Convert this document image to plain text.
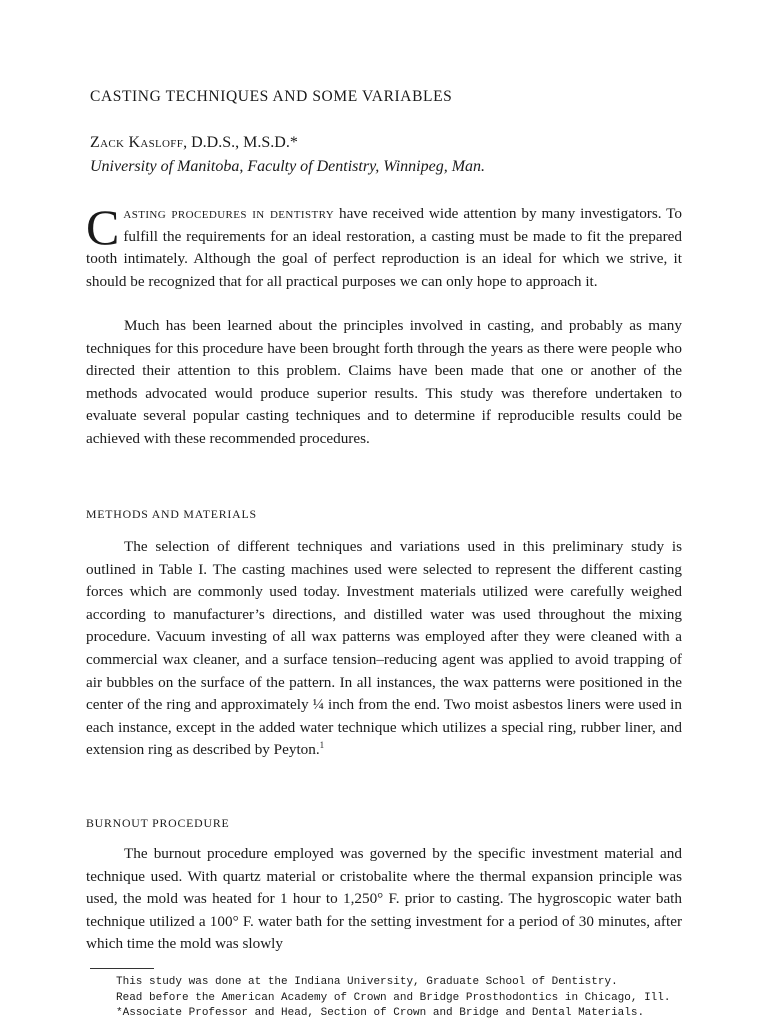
CASTING TECHNIQUES AND SOME VARIABLES
Zack Kasloff, D.D.S., M.S.D.*
University of Manitoba, Faculty of Dentistry, Winnipeg, Man.

Casting procedures in dentistry have received wide attention by many investigators. To fulfill the requirements for an ideal restoration, a casting must be made to fit the prepared tooth intimately. Although the goal of perfect reproduction is an ideal for which we strive, it should be recognized that for all practical purposes we can only hope to approach it.

Much has been learned about the principles involved in casting, and probably as many techniques for this procedure have been brought forth through the years as there were people who directed their attention to this problem. Claims have been made that one or another of the methods advocated would produce superior results. This study was therefore undertaken to evaluate several popular casting techniques and to determine if reproducible results could be achieved with these recommended procedures.

METHODS AND MATERIALS

The selection of different techniques and variations used in this preliminary study is outlined in Table I. The casting machines used were selected to represent the different casting forces which are commonly used today. Investment materials utilized were carefully weighed according to manufacturer’s directions, and distilled water was used throughout the mixing procedure. Vacuum investing of all wax patterns was employed after they were cleaned with a commercial wax cleaner, and a surface tension–reducing agent was applied to avoid trapping of air bubbles on the surface of the pattern. In all instances, the wax patterns were positioned in the center of the ring and approximately ¼ inch from the end. Two moist asbestos liners were used in each instance, except in the added water technique which utilizes a special ring, rubber liner, and extension ring as described by Peyton.$^1$

BURNOUT PROCEDURE

The burnout procedure employed was governed by the specific investment material and technique used. With quartz material or cristobalite where the thermal expansion principle was used, the mold was heated for 1 hour to 1,250° F. prior to casting. The hygroscopic water bath technique utilized a 100° F. water bath for the setting investment for a period of 30 minutes, after which time the mold was slowly

This study was done at the Indiana University, Graduate School of Dentistry.
Read before the American Academy of Crown and Bridge Prosthodontics in Chicago, Ill.
*Associate Professor and Head, Section of Crown and Bridge and Dental Materials.
